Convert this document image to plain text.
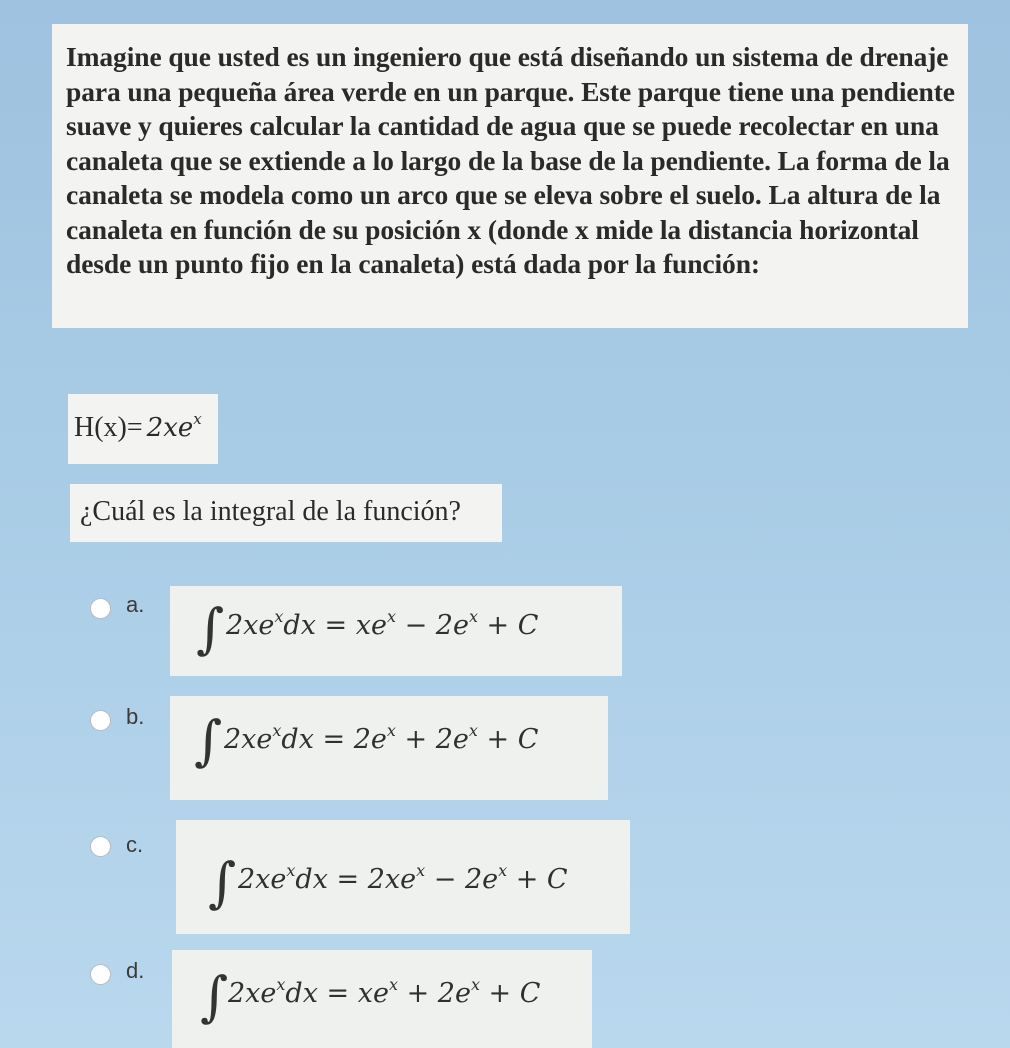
Imagine que usted es un ingeniero que está diseñando un sistema de drenaje para una pequeña área verde en un parque. Este parque tiene una pendiente suave y quieres calcular la cantidad de agua que se puede recolectar en una canaleta que se extiende a lo largo de la base de la pendiente. La forma de la canaleta se modela como un arco que se eleva sobre el suelo. La altura de la canaleta en función de su posición x (donde x mide la distancia horizontal desde un punto fijo en la canaleta) está dada por la función:

$H(x)= 2xe^x$

¿Cuál es la integral de la función?

a. ∫ $2xe^xdx = xe^x - 2e^x + C$
b. ∫ $2xe^xdx = 2e^x + 2e^x + C$
c.
∫ $2xe^xdx = 2xe^x - 2e^x + C$
d. ∫ $2xe^xdx = xe^x + 2e^x + C$
